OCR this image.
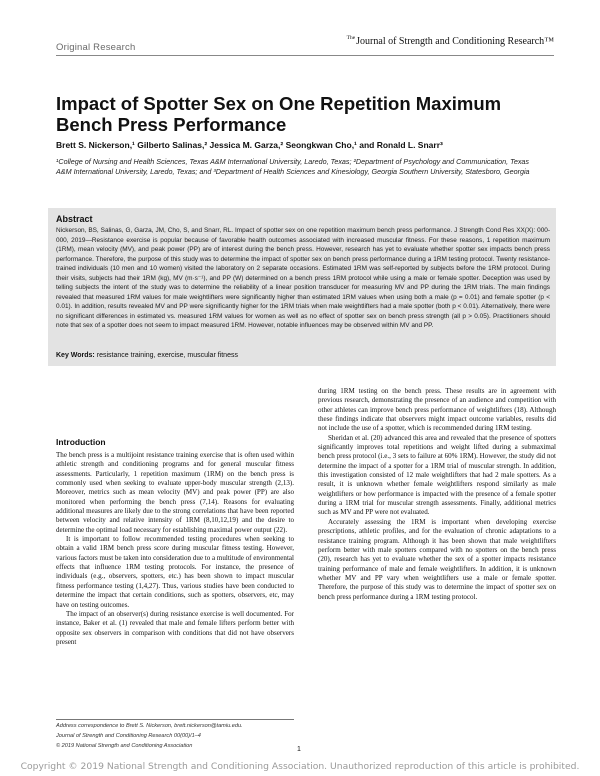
Original Research
$^{The}$Journal of Strength and Conditioning Research™
Impact of Spotter Sex on One Repetition Maximum Bench Press Performance
Brett S. Nickerson,¹ Gilberto Salinas,² Jessica M. Garza,² Seongkwan Cho,¹ and Ronald L. Snarr³
¹College of Nursing and Health Sciences, Texas A&M International University, Laredo, Texas; ²Department of Psychology and Communication, Texas A&M International University, Laredo, Texas; and ³Department of Health Sciences and Kinesiology, Georgia Southern University, Statesboro, Georgia
Abstract
Nickerson, BS, Salinas, G, Garza, JM, Cho, S, and Snarr, RL. Impact of spotter sex on one repetition maximum bench press performance. J Strength Cond Res XX(X): 000-000, 2019—Resistance exercise is popular because of favorable health outcomes associated with increased muscular fitness. For these reasons, 1 repetition maximum (1RM), mean velocity (MV), and peak power (PP) are of interest during the bench press. However, research has yet to evaluate whether spotter sex impacts bench press performance. Therefore, the purpose of this study was to determine the impact of spotter sex on bench press performance during a 1RM testing protocol. Twenty resistance-trained individuals (10 men and 10 women) visited the laboratory on 2 separate occasions. Estimated 1RM was self-reported by subjects before the 1RM protocol. During their visits, subjects had their 1RM (kg), MV (m·s⁻¹), and PP (W) determined on a bench press 1RM protocol while using a male or female spotter. Deception was used by telling subjects the intent of the study was to determine the reliability of a linear position transducer for measuring MV and PP during the 1RM trials. The main findings revealed that measured 1RM values for male weightlifters were significantly higher than estimated 1RM values when using both a male (p = 0.01) and female spotter (p < 0.01). In addition, results revealed MV and PP were significantly higher for the 1RM trials when male weightlifters had a male spotter (both p < 0.01). Alternatively, there were no significant differences in estimated vs. measured 1RM values for women as well as no effect of spotter sex on bench press strength (all p > 0.05). Practitioners should note that sex of a spotter does not seem to impact measured 1RM. However, notable influences may be observed within MV and PP.
Key Words: resistance training, exercise, muscular fitness
Introduction

The bench press is a multijoint resistance training exercise that is often used within athletic strength and conditioning programs and for general muscular fitness assessments. Particularly, 1 repetition maximum (1RM) on the bench press is commonly used when seeking to evaluate upper-body muscular strength (2,13). Moreover, metrics such as mean velocity (MV) and peak power (PP) are also monitored when performing the bench press (7,14). Reasons for evaluating additional measures are likely due to the strong correlations that have been reported between velocity and relative intensity of 1RM (8,10,12,19) and the desire to determine the optimal load necessary for establishing maximal power output (22).

It is important to follow recommended testing procedures when seeking to obtain a valid 1RM bench press score during muscular fitness testing. However, various factors must be taken into consideration due to a multitude of environmental effects that influence 1RM testing protocols. For instance, the presence of individuals (e.g., observers, spotters, etc.) has been shown to impact muscular fitness performance testing (1,4,27). Thus, various studies have been conducted to determine the impact that certain conditions, such as spotters, observers, etc, may have on testing outcomes.

The impact of an observer(s) during resistance exercise is well documented. For instance, Baker et al. (1) revealed that male and female lifters perform better with opposite sex observers in comparison with conditions that did not have observers present

during 1RM testing on the bench press. These results are in agreement with previous research, demonstrating the presence of an audience and competition with other athletes can improve bench press performance of weightlifters (18). Although these findings indicate that observers might impact outcome variables, results did not include the use of a spotter, which is recommended during 1RM testing.

Sheridan et al. (20) advanced this area and revealed that the presence of spotters significantly improves total repetitions and weight lifted during a submaximal bench press protocol (i.e., 3 sets to failure at 60% 1RM). However, the study did not determine the impact of a spotter for a 1RM trial of muscular strength. In addition, this investigation consisted of 12 male weightlifters that had 2 male spotters. As a result, it is unknown whether female weightlifters respond similarly as male weightlifters or how performance is impacted with the presence of a female spotter during a 1RM trial for muscular strength assessments. Finally, additional metrics such as MV and PP were not evaluated.

Accurately assessing the 1RM is important when developing exercise prescriptions, athletic profiles, and for the evaluation of chronic adaptations to a resistance training program. Although it has been shown that male weightlifters perform better with male spotters compared with no spotters on the bench press (20), research has yet to evaluate whether the sex of a spotter impacts resistance training performance of male and female weightlifters. In addition, it is unknown whether MV and PP vary when weightlifters use a male or female spotter. Therefore, the purpose of this study was to determine the impact of spotter sex on bench press performance during a 1RM testing protocol.

Address correspondence to Brett S. Nickerson, brett.nickerson@tamiu.edu.
Journal of Strength and Conditioning Research 00(00)/1–4
© 2019 National Strength and Conditioning Association	1
Copyright © 2019 National Strength and Conditioning Association. Unauthorized reproduction of this article is prohibited.
